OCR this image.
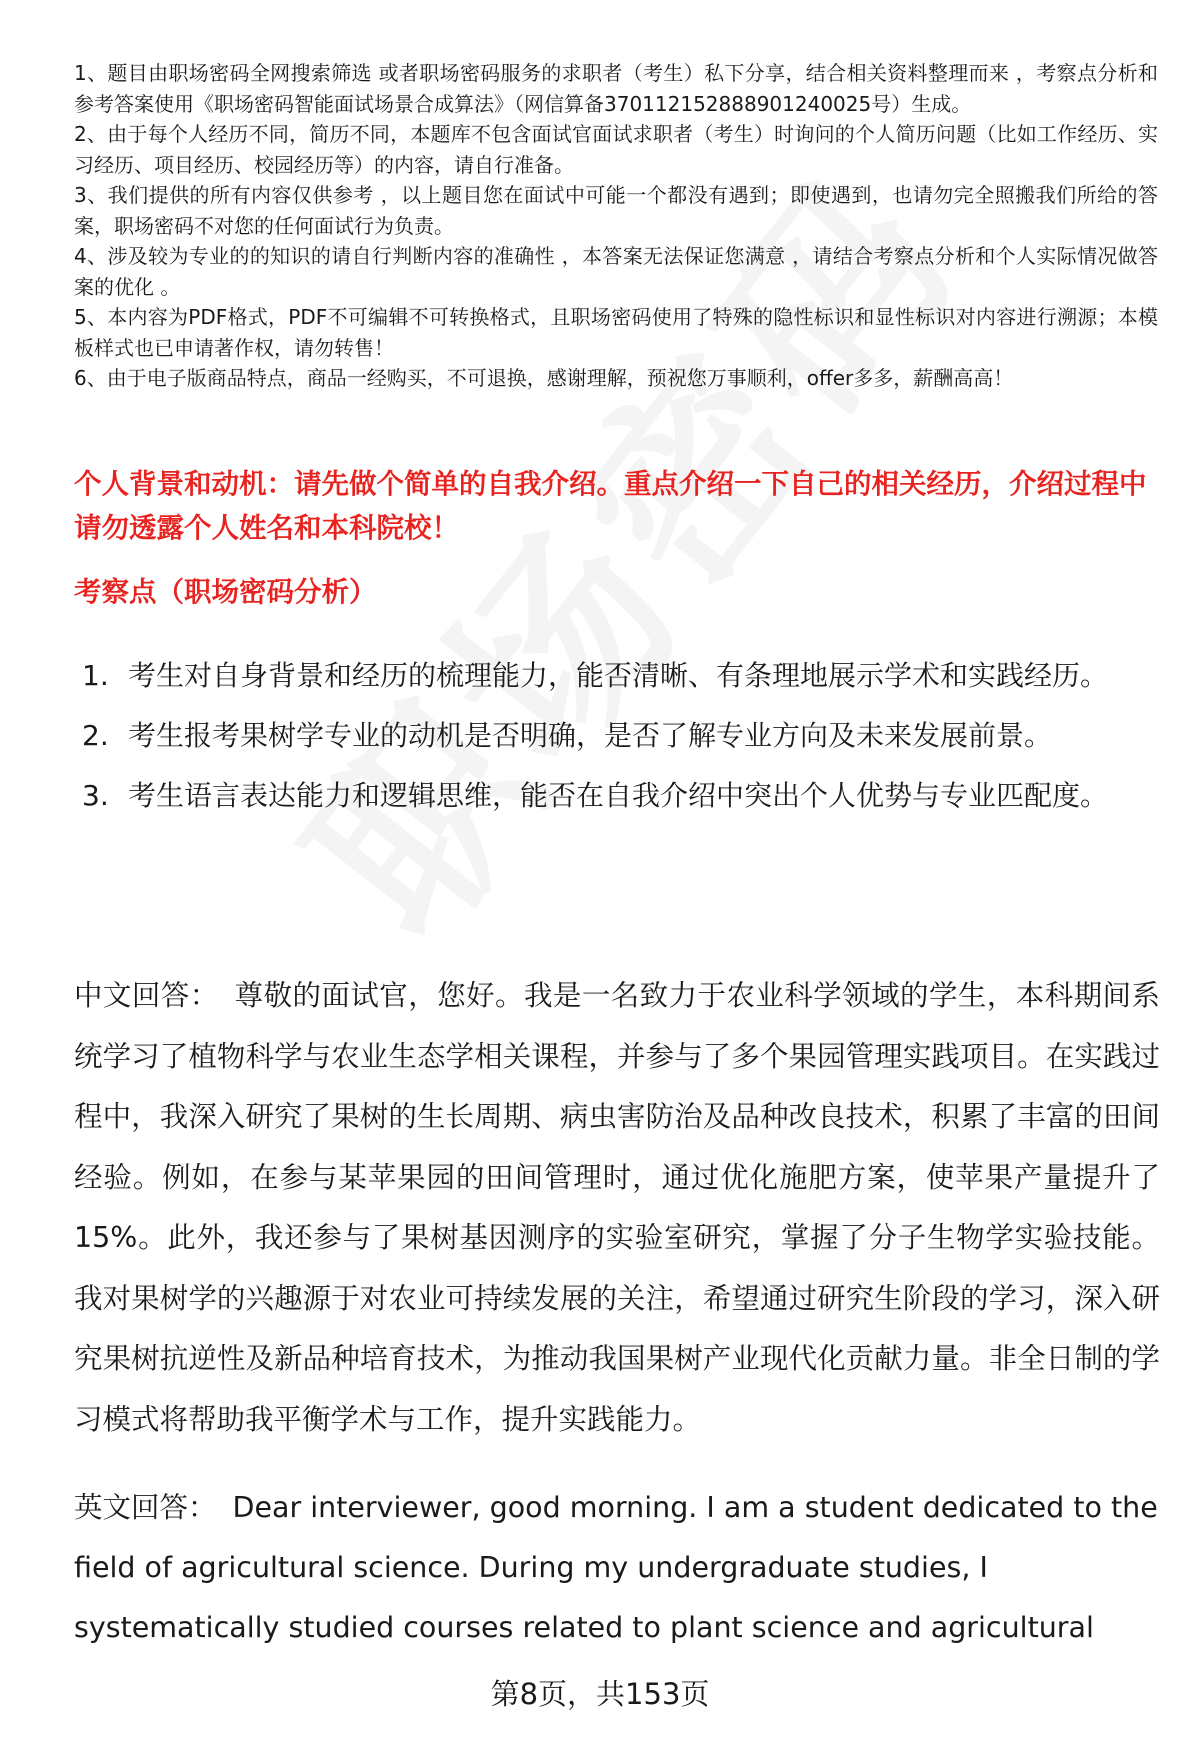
1、题目由职场密码全网搜索筛选 或者职场密码服务的求职者（考生）私下分享，结合相关资料整理而来 ，考察点分析和参考答案使用《职场密码智能面试场景合成算法》（网信算备370112152888901240025号）生成。

2、由于每个人经历不同，简历不同，本题库不包含面试官面试求职者（考生）时询问的个人简历问题（比如工作经历、实习经历、项目经历、校园经历等）的内容，请自行准备。

3、我们提供的所有内容仅供参考 ，以上题目您在面试中可能一个都没有遇到；即使遇到，也请勿完全照搬我们所给的答案，职场密码不对您的任何面试行为负责。

4、涉及较为专业的的知识的请自行判断内容的准确性 ，本答案无法保证您满意 ，请结合考察点分析和个人实际情况做答案的优化 。

5、本内容为PDF格式，PDF不可编辑不可转换格式，且职场密码使用了特殊的隐性标识和显性标识对内容进行溯源；本模板样式也已申请著作权，请勿转售！

6、由于电子版商品特点，商品一经购买，不可退换，感谢理解，预祝您万事顺利，offer多多，薪酬高高！

个人背景和动机：请先做个简单的自我介绍。重点介绍一下自己的相关经历，介绍过程中请勿透露个人姓名和本科院校！

考察点（职场密码分析）

1. 考生对自身背景和经历的梳理能力，能否清晰、有条理地展示学术和实践经历。
2. 考生报考果树学专业的动机是否明确，是否了解专业方向及未来发展前景。
3. 考生语言表达能力和逻辑思维，能否在自我介绍中突出个人优势与专业匹配度。

中文回答： 尊敬的面试官，您好。我是一名致力于农业科学领域的学生，本科期间系统学习了植物科学与农业生态学相关课程，并参与了多个果园管理实践项目。在实践过程中，我深入研究了果树的生长周期、病虫害防治及品种改良技术，积累了丰富的田间经验。例如，在参与某苹果园的田间管理时，通过优化施肥方案，使苹果产量提升了15%。此外，我还参与了果树基因测序的实验室研究，掌握了分子生物学实验技能。我对果树学的兴趣源于对农业可持续发展的关注，希望通过研究生阶段的学习，深入研究果树抗逆性及新品种培育技术，为推动我国果树产业现代化贡献力量。非全日制的学习模式将帮助我平衡学术与工作，提升实践能力。

英文回答： Dear interviewer, good morning. I am a student dedicated to the field of agricultural science. During my undergraduate studies, I systematically studied courses related to plant science and agricultural

第8页，共153页
